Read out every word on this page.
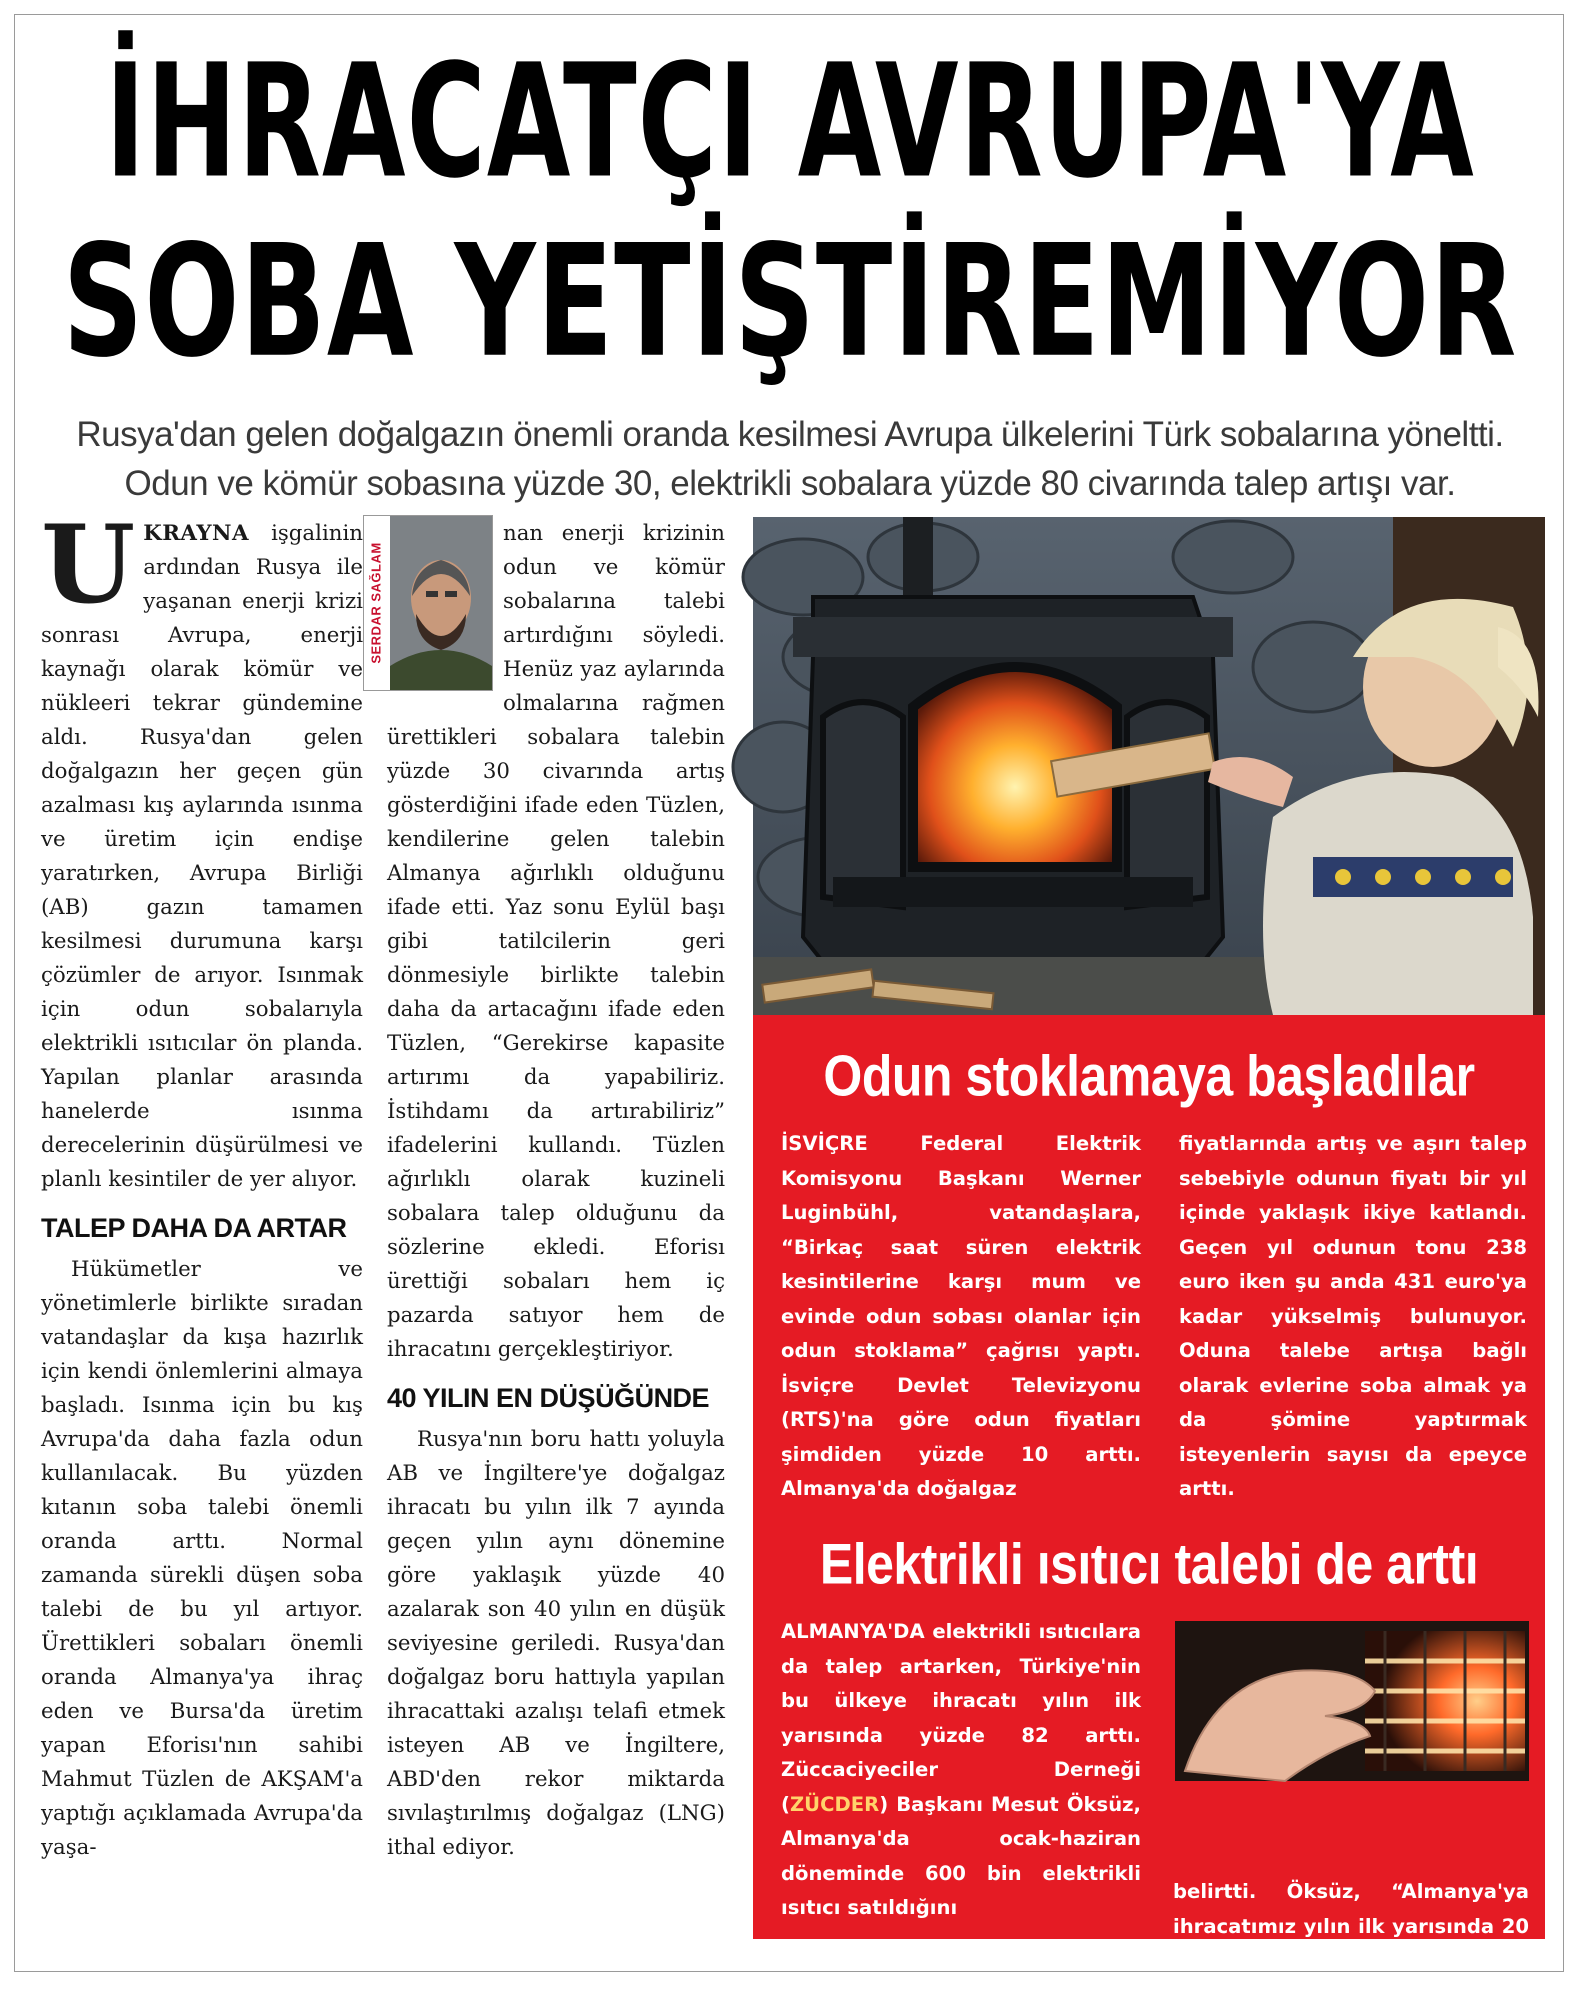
İHRACATÇI AVRUPA'YA
SOBA YETİŞTİREMİYOR
Rusya'dan gelen doğalgazın önemli oranda kesilmesi Avrupa ülkelerini Türk sobalarına yöneltti.
Odun ve kömür sobasına yüzde 30, elektrikli sobalara yüzde 80 civarında talep artışı var.

U KRAYNA işgalinin ardından Rusya ile yaşanan enerji krizi sonrası Avrupa, enerji kaynağı olarak kömür ve nükleeri tekrar gündemine aldı. Rusya'dan gelen doğalgazın her geçen gün azalması kış aylarında ısınma ve üretim için endişe yaratırken, Avrupa Birliği (AB) gazın tamamen kesilmesi durumuna karşı çözümler de arıyor. Isınmak için odun sobalarıyla elektrikli ısıtıcılar ön planda. Yapılan planlar arasında hanelerde ısınma derecelerinin düşürülmesi ve planlı kesintiler de yer alıyor.

TALEP DAHA DA ARTAR

Hükümetler ve yönetimlerle birlikte sıradan vatandaşlar da kışa hazırlık için kendi önlemlerini almaya başladı. Isınma için bu kış Avrupa'da daha fazla odun kullanılacak. Bu yüzden kıtanın soba talebi önemli oranda arttı. Normal zamanda sürekli düşen soba talebi de bu yıl artıyor. Ürettikleri sobaları önemli oranda Almanya'ya ihraç eden ve Bursa'da üretim yapan Eforisı'nın sahibi Mahmut Tüzlen de AKŞAM'a yaptığı açıklamada Avrupa'da yaşa-

SERDAR SAĞLAM

nan enerji krizinin odun ve kömür sobalarına talebi artırdığını söyledi. Henüz yaz aylarında olmalarına rağmen ürettikleri sobalara talebin yüzde 30 civarında artış gösterdiğini ifade eden Tüzlen, kendilerine gelen talebin Almanya ağırlıklı olduğunu ifade etti. Yaz sonu Eylül başı gibi tatilcilerin geri dönmesiyle birlikte talebin daha da artacağını ifade eden Tüzlen, “Gerekirse kapasite artırımı da yapabiliriz. İstihdamı da artırabiliriz” ifadelerini kullandı. Tüzlen ağırlıklı olarak kuzineli sobalara talep olduğunu da sözlerine ekledi. Eforisı ürettiği sobaları hem iç pazarda satıyor hem de ihracatını gerçekleştiriyor.

40 YILIN EN DÜŞÜĞÜNDE

Rusya'nın boru hattı yoluyla AB ve İngiltere'ye doğalgaz ihracatı bu yılın ilk 7 ayında geçen yılın aynı dönemine göre yaklaşık yüzde 40 azalarak son 40 yılın en düşük seviyesine geriledi. Rusya'dan doğalgaz boru hattıyla yapılan ihracattaki azalışı telafi etmek isteyen AB ve İngiltere, ABD'den rekor miktarda sıvılaştırılmış doğalgaz (LNG) ithal ediyor.

Odun stoklamaya başladılar

İSVİÇRE	Federal Elektrik Komisyonu Başkanı Werner Luginbühl, vatandaşlara, “Birkaç saat süren elektrik kesintilerine karşı mum ve evinde odun sobası olanlar için odun stoklama” çağrısı yaptı. İsviçre Devlet Televizyonu (RTS)'na göre odun fiyatları şimdiden yüzde 10 arttı. Almanya'da doğalgaz

fiyatlarında artış ve aşırı talep sebebiyle odunun fiyatı bir yıl içinde yaklaşık ikiye katlandı. Geçen yıl odunun tonu 238 euro iken şu anda 431 euro'ya kadar yükselmiş bulunuyor. Oduna talebe artışa bağlı olarak evlerine soba almak ya da şömine yaptırmak isteyenlerin sayısı da epeyce arttı.

Elektrikli ısıtıcı talebi de arttı

ALMANYA'DA elektrikli ısıtıcılara da talep artarken, Türkiye'nin bu ülkeye ihracatı yılın ilk yarısında yüzde 82 arttı. Züccaciyeciler Derneği (ZÜCDER) Başkanı Mesut Öksüz, Almanya'da ocak-haziran döneminde 600 bin elektrikli ısıtıcı satıldığını

belirtti. Öksüz, “Almanya'ya ihracatımız yılın ilk yarısında 20 milyon dolara ulaştı. Yıl sonunda katlanabilir” dedi.
